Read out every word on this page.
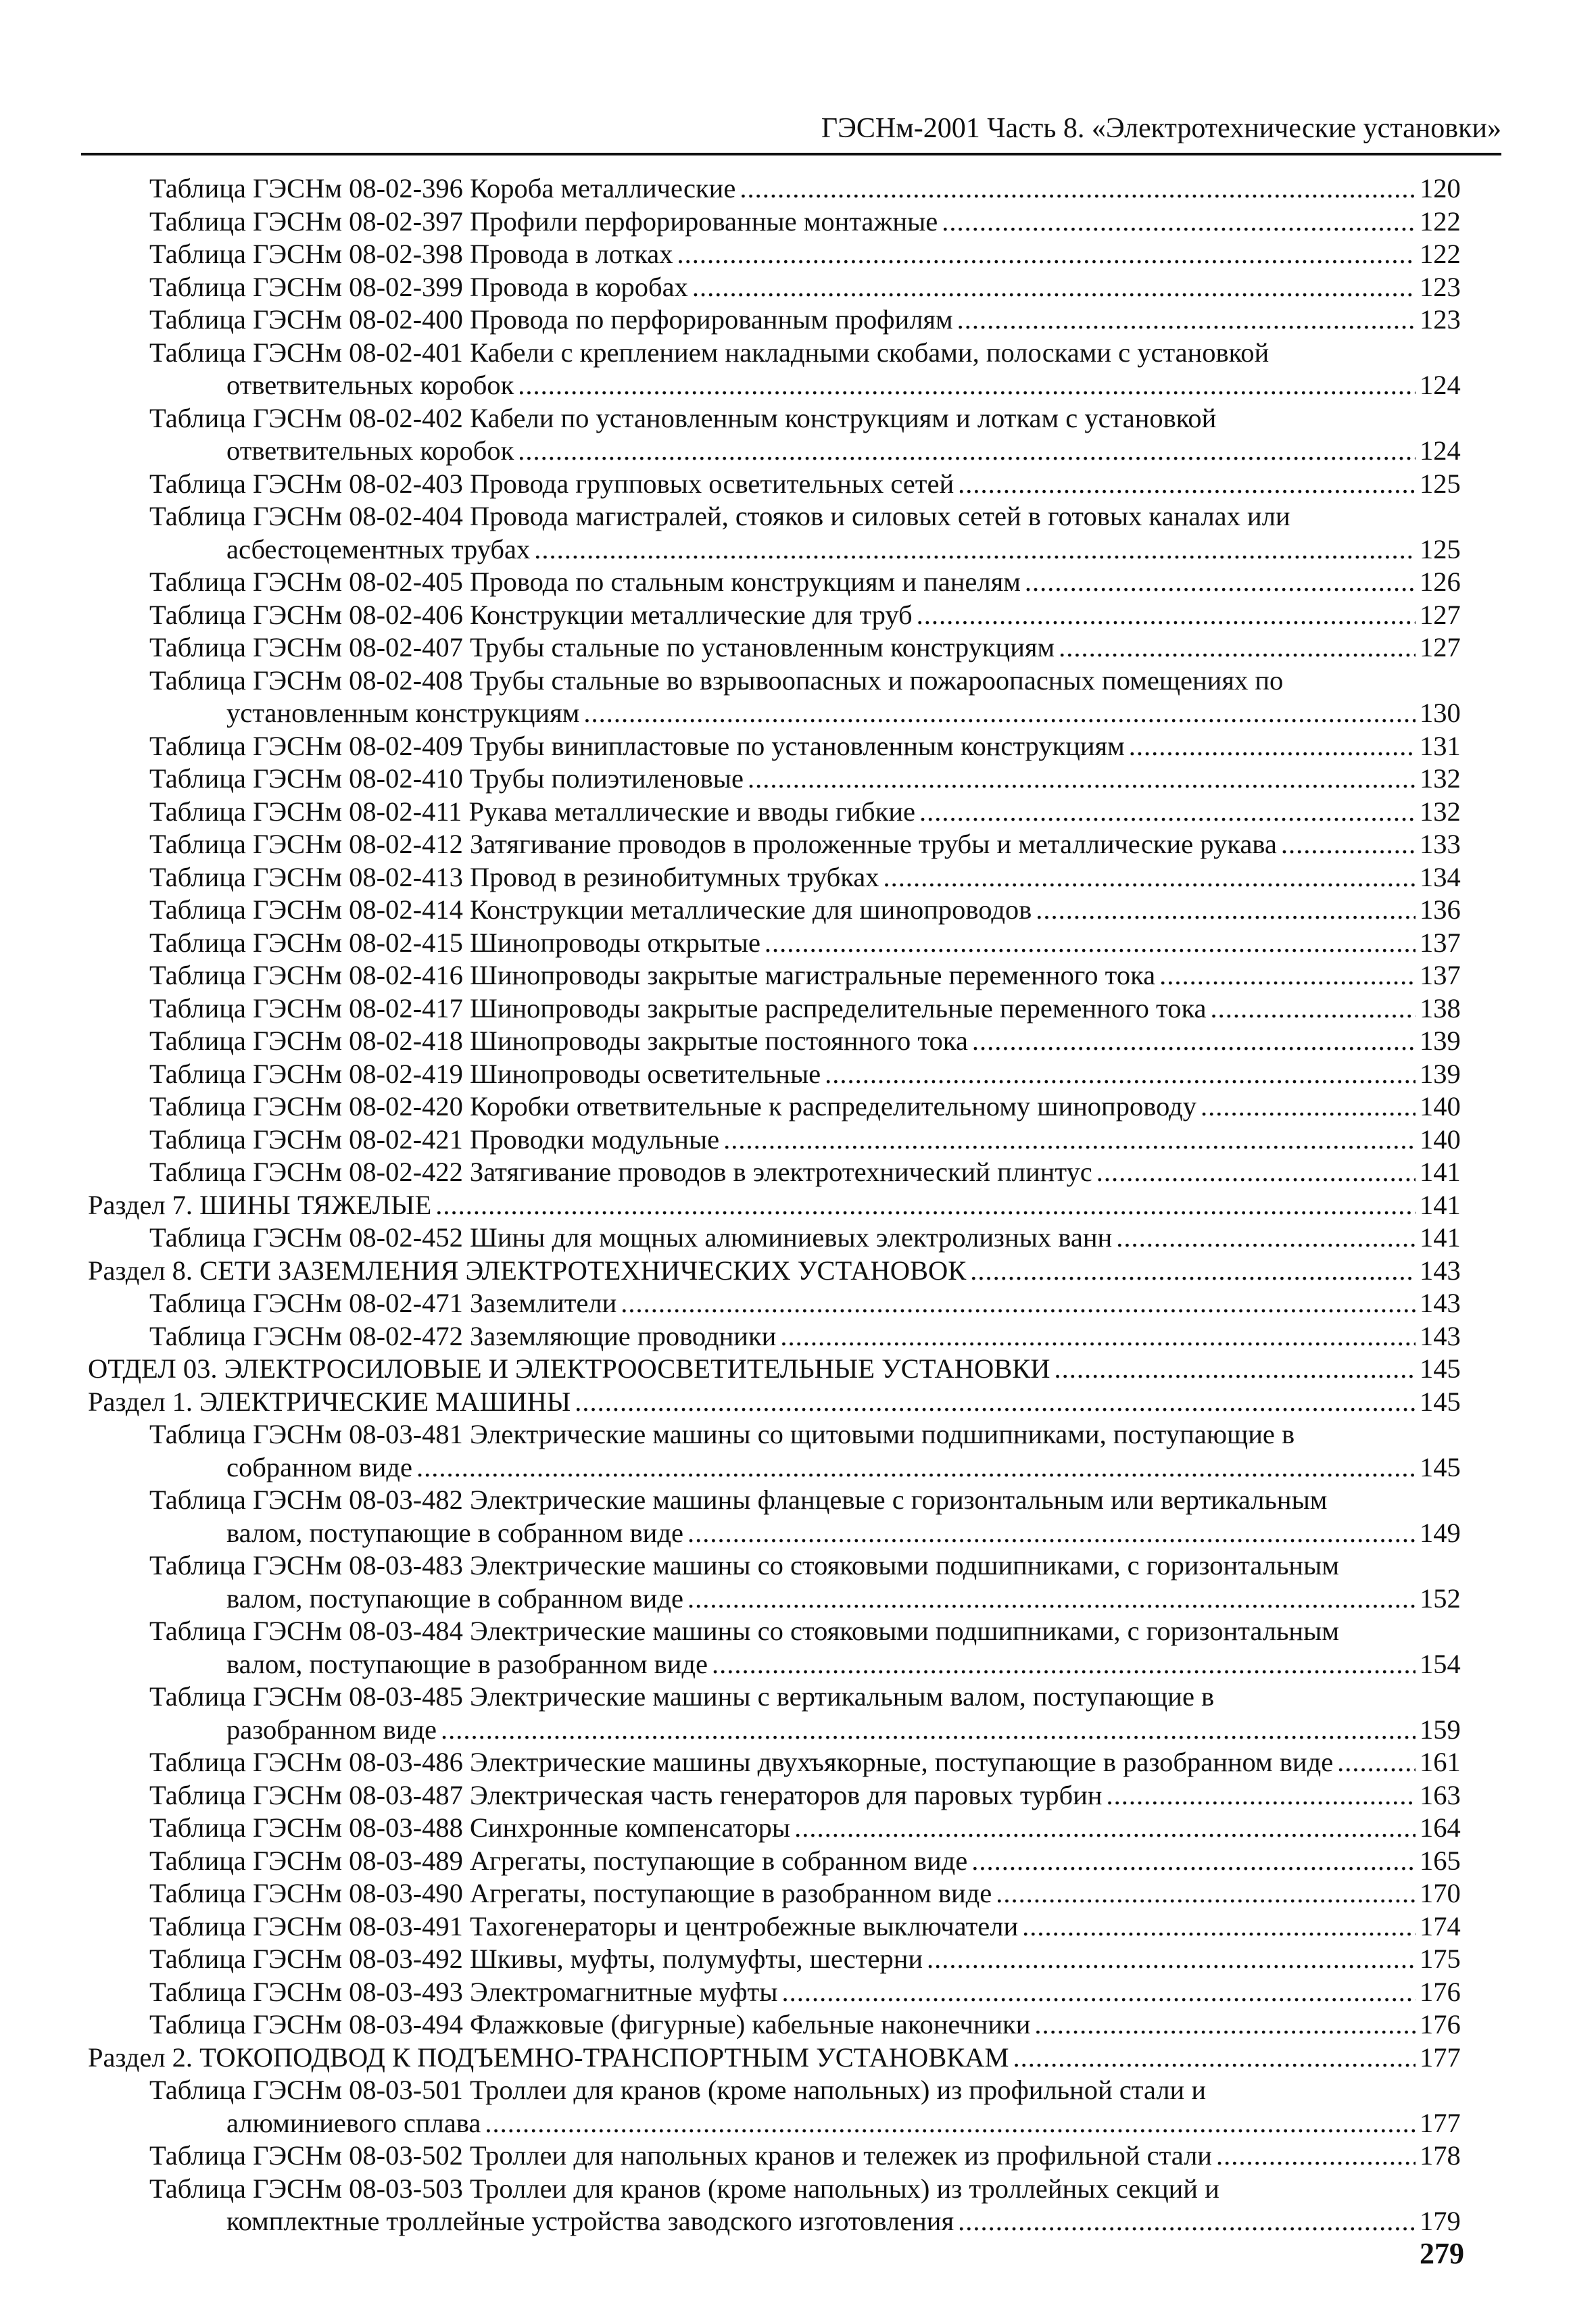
ГЭСНм-2001 Часть 8. «Электротехнические установки»
Таблица ГЭСНм 08-02-396 Короба металлические .....	120
Таблица ГЭСНм 08-02-397 Профили перфорированные монтажные .....	122
Таблица ГЭСНм 08-02-398 Провода в лотках .....	122
Таблица ГЭСНм 08-02-399 Провода в коробах .....	123
Таблица ГЭСНм 08-02-400 Провода по перфорированным профилям .....	123
Таблица ГЭСНм 08-02-401 Кабели с креплением накладными скобами, полосками с установкой
ответвительных коробок .....	124
Таблица ГЭСНм 08-02-402 Кабели по установленным конструкциям и лоткам с установкой
ответвительных коробок .....	124
Таблица ГЭСНм 08-02-403 Провода групповых осветительных сетей .....	125
Таблица ГЭСНм 08-02-404 Провода магистралей, стояков и силовых сетей в готовых каналах или
асбестоцементных трубах .....	125
Таблица ГЭСНм 08-02-405 Провода по стальным конструкциям и панелям .....	126
Таблица ГЭСНм 08-02-406 Конструкции металлические для труб .....	127
Таблица ГЭСНм 08-02-407 Трубы стальные по установленным конструкциям .....	127
Таблица ГЭСНм 08-02-408 Трубы стальные во взрывоопасных и пожароопасных помещениях по
установленным конструкциям .....	130
Таблица ГЭСНм 08-02-409 Трубы винипластовые по установленным конструкциям .....	131
Таблица ГЭСНм 08-02-410 Трубы полиэтиленовые .....	132
Таблица ГЭСНм 08-02-411 Рукава металлические и вводы гибкие .....	132
Таблица ГЭСНм 08-02-412 Затягивание проводов в проложенные трубы и металлические рукава .....	133
Таблица ГЭСНм 08-02-413 Провод в резинобитумных трубках .....	134
Таблица ГЭСНм 08-02-414 Конструкции металлические для шинопроводов .....	136
Таблица ГЭСНм 08-02-415 Шинопроводы открытые .....	137
Таблица ГЭСНм 08-02-416 Шинопроводы закрытые магистральные переменного тока .....	137
Таблица ГЭСНм 08-02-417 Шинопроводы закрытые распределительные переменного тока .....	138
Таблица ГЭСНм 08-02-418 Шинопроводы закрытые постоянного тока .....	139
Таблица ГЭСНм 08-02-419 Шинопроводы осветительные .....	139
Таблица ГЭСНм 08-02-420 Коробки ответвительные к распределительному шинопроводу .....	140
Таблица ГЭСНм 08-02-421 Проводки модульные .....	140
Таблица ГЭСНм 08-02-422 Затягивание проводов в электротехнический плинтус .....	141
Раздел 7. ШИНЫ ТЯЖЕЛЫЕ .....	141
Таблица ГЭСНм 08-02-452 Шины для мощных алюминиевых электролизных ванн .....	141
Раздел 8. СЕТИ ЗАЗЕМЛЕНИЯ ЭЛЕКТРОТЕХНИЧЕСКИХ УСТАНОВОК .....	143
Таблица ГЭСНм 08-02-471 Заземлители .....	143
Таблица ГЭСНм 08-02-472 Заземляющие проводники .....	143
ОТДЕЛ 03. ЭЛЕКТРОСИЛОВЫЕ И ЭЛЕКТРООСВЕТИТЕЛЬНЫЕ УСТАНОВКИ .....	145
Раздел 1. ЭЛЕКТРИЧЕСКИЕ МАШИНЫ .....	145
Таблица ГЭСНм 08-03-481 Электрические машины со щитовыми подшипниками, поступающие в
собранном виде .....	145
Таблица ГЭСНм 08-03-482 Электрические машины фланцевые с горизонтальным или вертикальным
валом, поступающие в собранном виде .....	149
Таблица ГЭСНм 08-03-483 Электрические машины со стояковыми подшипниками, с горизонтальным
валом, поступающие в собранном виде .....	152
Таблица ГЭСНм 08-03-484 Электрические машины со стояковыми подшипниками, с горизонтальным
валом, поступающие в разобранном виде .....	154
Таблица ГЭСНм 08-03-485 Электрические машины с вертикальным валом, поступающие в
разобранном виде .....	159
Таблица ГЭСНм 08-03-486 Электрические машины двухъякорные, поступающие в разобранном виде .....	161
Таблица ГЭСНм 08-03-487 Электрическая часть генераторов для паровых турбин .....	163
Таблица ГЭСНм 08-03-488 Синхронные компенсаторы .....	164
Таблица ГЭСНм 08-03-489 Агрегаты, поступающие в собранном виде .....	165
Таблица ГЭСНм 08-03-490 Агрегаты, поступающие в разобранном виде .....	170
Таблица ГЭСНм 08-03-491 Тахогенераторы и центробежные выключатели .....	174
Таблица ГЭСНм 08-03-492 Шкивы, муфты, полумуфты, шестерни .....	175
Таблица ГЭСНм 08-03-493 Электромагнитные муфты .....	176
Таблица ГЭСНм 08-03-494 Флажковые (фигурные) кабельные наконечники .....	176
Раздел 2. ТОКОПОДВОД К ПОДЪЕМНО-ТРАНСПОРТНЫМ УСТАНОВКАМ .....	177
Таблица ГЭСНм 08-03-501 Троллеи для кранов (кроме напольных) из профильной стали и
алюминиевого сплава .....	177
Таблица ГЭСНм 08-03-502 Троллеи для напольных кранов и тележек из профильной стали .....	178
Таблица ГЭСНм 08-03-503 Троллеи для кранов (кроме напольных) из троллейных секций и
комплектные троллейные устройства заводского изготовления .....	179
279
